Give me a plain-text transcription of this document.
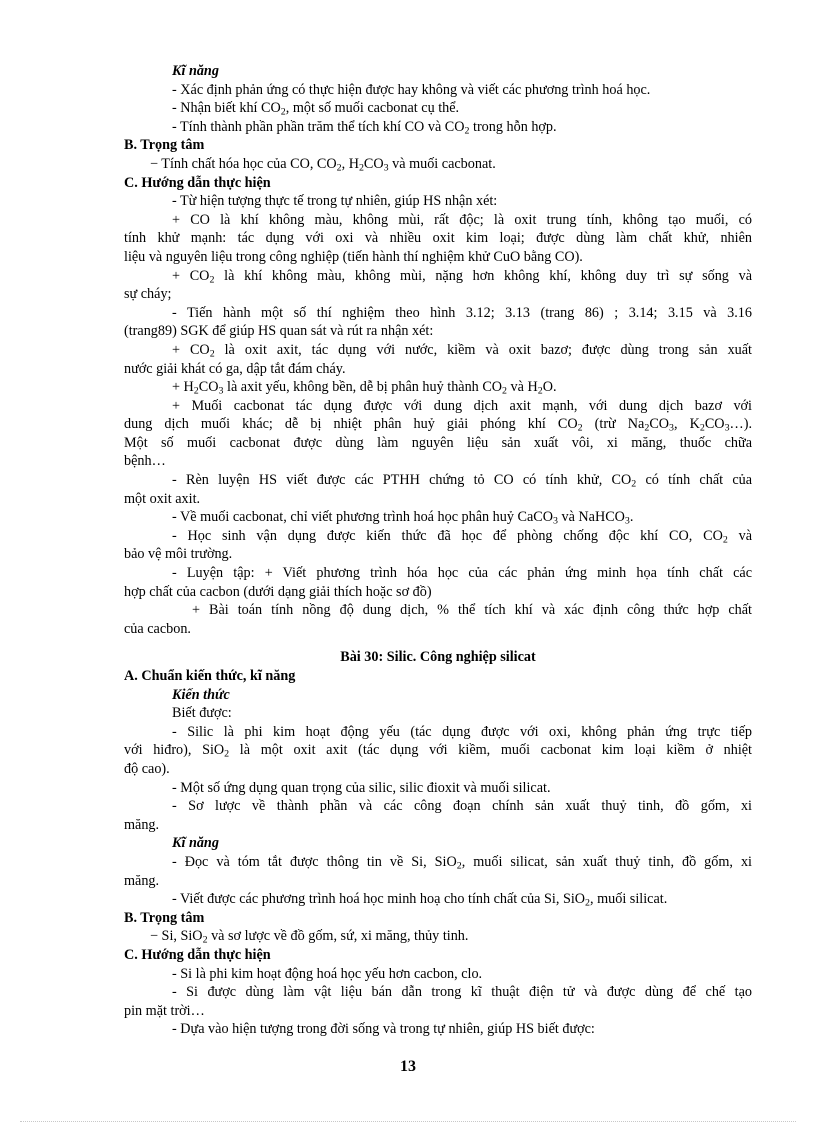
Kĩ năng

- Xác định phản ứng có thực hiện được hay không và viết các phương trình hoá học.

- Nhận biết khí $CO_2$, một số muối cacbonat cụ thể.

- Tính thành phần phần trăm thể tích khí CO và $CO_2$ trong hỗn hợp.

B. Trọng tâm

− Tính chất hóa học của CO, $CO_2$, $H_2CO_3$ và muối cacbonat.

C. Hướng dẫn thực hiện

- Từ hiện tượng thực tế trong tự nhiên, giúp HS nhận xét:

+ CO là khí không màu, không mùi, rất độc; là oxit trung tính, không tạo muối, có

tính khử mạnh: tác dụng với oxi và nhiều oxit kim loại; được dùng làm chất khử, nhiên

liệu và nguyên liệu trong công nghiệp (tiến hành thí nghiệm khử CuO bằng CO).

+ $CO_2$ là khí không màu, không mùi, nặng hơn không khí, không duy trì sự sống và

sự cháy;

- Tiến hành một số thí nghiệm theo hình 3.12; 3.13 (trang 86) ; 3.14; 3.15 và 3.16

(trang89) SGK để giúp HS quan sát và rút ra nhận xét:

+ $CO_2$ là oxit axit, tác dụng với nước, kiềm và oxit bazơ; được dùng trong sản xuất

nước giải khát có ga, dập tắt đám cháy.

+ $H_2CO_3$ là axit yếu, không bền, dễ bị phân huỷ thành $CO_2$ và $H_2O$.

+ Muối cacbonat tác dụng được với dung dịch axit mạnh, với dung dịch bazơ với

dung dịch muối khác; dễ bị nhiệt phân huỷ giải phóng khí $CO_2$ (trừ $Na_2CO_3$, $K_2CO_3\dots$).

Một số muối cacbonat được dùng làm nguyên liệu sản xuất vôi, xi măng, thuốc chữa

bệnh…

- Rèn luyện HS viết được các PTHH chứng tỏ CO có tính khử, $CO_2$ có tính chất của

một oxit axit.

- Về muối cacbonat, chỉ viết phương trình hoá học phân huỷ CaCO$_3$ và NaHCO$_3$.

- Học sinh vận dụng được kiến thức đã học để phòng chống độc khí CO, $CO_2$ và

bảo vệ môi trường.

- Luyện tập: + Viết phương trình hóa học của các phản ứng minh họa tính chất các

hợp chất của cacbon (dưới dạng giải thích hoặc sơ đồ)

+ Bài toán tính nồng độ dung dịch, % thể tích khí và xác định công thức hợp chất

của cacbon.

Bài 30: Silic. Công nghiệp silicat

A. Chuẩn kiến thức, kĩ năng

Kiến thức

Biết được:

- Silic là phi kim hoạt động yếu (tác dụng được với oxi, không phản ứng trực tiếp

với hiđro), SiO$_2$ là một oxit axit (tác dụng với kiềm, muối cacbonat kim loại kiềm ở nhiệt

độ cao).

- Một số ứng dụng quan trọng của silic, silic đioxit và muối silicat.

- Sơ lược về thành phần và các công đoạn chính sản xuất thuỷ tinh, đồ gốm, xi

măng.

Kĩ năng

- Đọc và tóm tắt được thông tin về Si, SiO$_2$, muối silicat, sản xuất thuỷ tinh, đồ gốm, xi

măng.

- Viết được các phương trình hoá học minh hoạ cho tính chất của Si, SiO$_2$, muối silicat.

B. Trọng tâm

− Si, SiO$_2$ và sơ lược về đồ gốm, sứ, xi măng, thủy tinh.

C. Hướng dẫn thực hiện

- Si là phi kim hoạt động hoá học yếu hơn cacbon, clo.

- Si được dùng làm vật liệu bán dẫn trong kĩ thuật điện tử và được dùng để chế tạo

pin mặt trời…

- Dựa vào hiện tượng trong đời sống và trong tự nhiên, giúp HS biết được:

13
